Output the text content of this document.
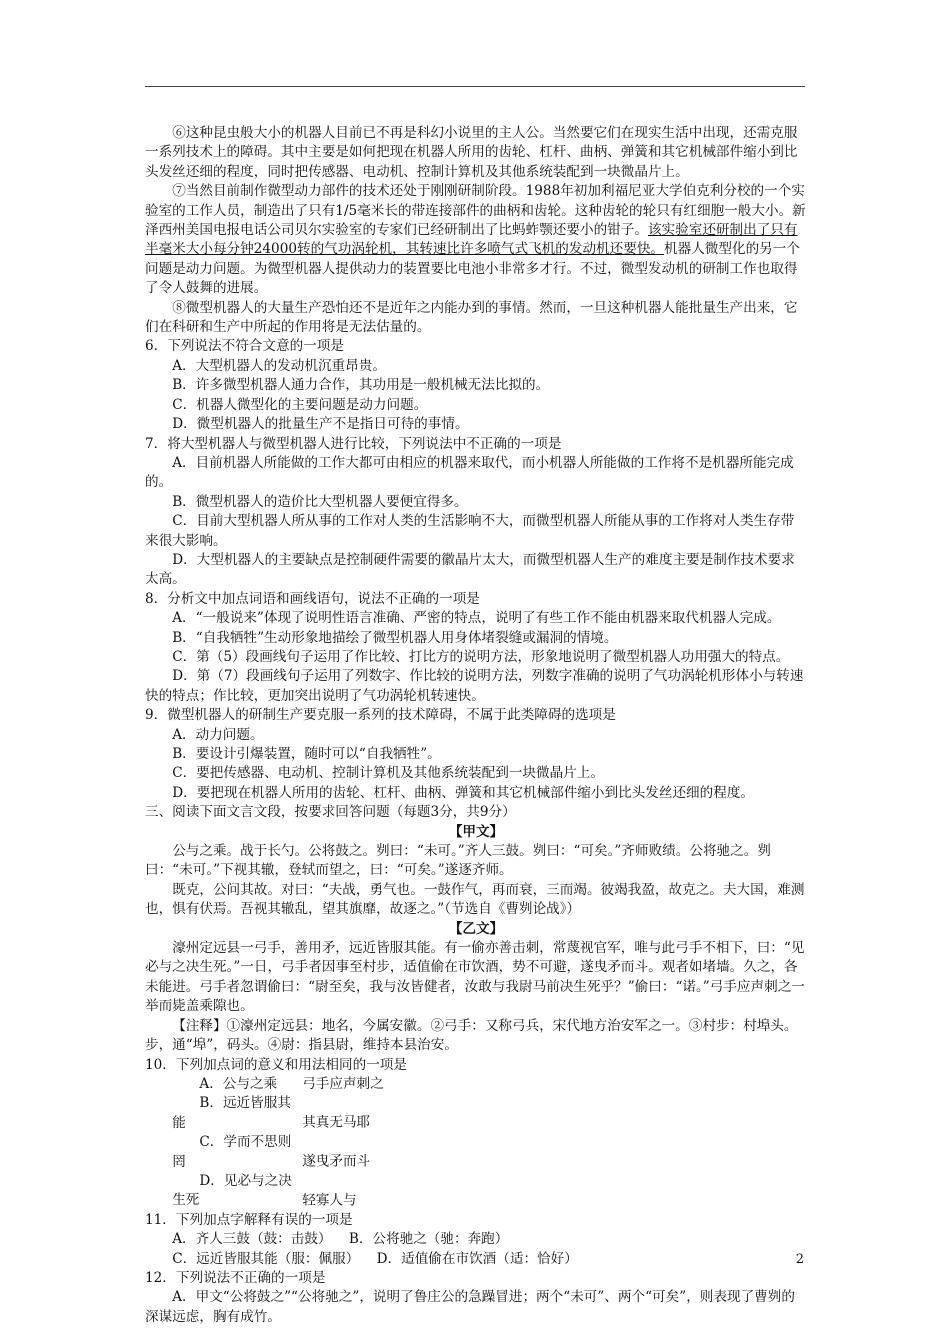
⑥这种昆虫般大小的机器人目前已不再是科幻小说里的主人公。当然要它们在现实生活中出现，还需克服一系列技术上的障碍。其中主要是如何把现在机器人所用的齿轮、杠杆、曲柄、弹簧和其它机械部件缩小到比头发丝还细的程度，同时把传感器、电动机、控制计算机及其他系统装配到一块微晶片上。

⑦当然目前制作微型动力部件的技术还处于刚刚研制阶段。1988年初加利福尼亚大学伯克利分校的一个实验室的工作人员，制造出了只有1/5毫米长的带连接部件的曲柄和齿轮。这种齿轮的轮只有红细胞一般大小。新泽西州美国电报电话公司贝尔实验室的专家们已经研制出了比蚂蚱颚还要小的钳子。该实验室还研制出了只有半毫米大小每分钟24000转的气功涡轮机，其转速比许多喷气式飞机的发动机还要快。机器人微型化的另一个问题是动力问题。为微型机器人提供动力的装置要比电池小非常多才行。不过，微型发动机的研制工作也取得了令人鼓舞的进展。

⑧微型机器人的大量生产恐怕还不是近年之内能办到的事情。然而，一旦这种机器人能批量生产出来，它们在科研和生产中所起的作用将是无法估量的。

6．下列说法不符合文意的一项是

A．大型机器人的发动机沉重昂贵。

B．许多微型机器人通力合作，其功用是一般机械无法比拟的。

C．机器人微型化的主要问题是动力问题。

D．微型机器人的批量生产不是指日可待的事情。

7．将大型机器人与微型机器人进行比较，下列说法中不正确的一项是

A．目前机器人所能做的工作大都可由相应的机器来取代，而小机器人所能做的工作将不是机器所能完成的。

B．微型机器人的造价比大型机器人要便宜得多。

C．目前大型机器人所从事的工作对人类的生活影响不大，而微型机器人所能从事的工作将对人类生存带来很大影响。

D．大型机器人的主要缺点是控制硬件需要的徽晶片太大，而微型机器人生产的难度主要是制作技术要求太高。

8．分析文中加点词语和画线语句，说法不正确的一项是

A．“一般说来”体现了说明性语言准确、严密的特点，说明了有些工作不能由机器来取代机器人完成。

B．“自我牺牲”生动形象地描绘了微型机器人用身体堵裂缝或漏洞的情境。

C．第（5）段画线句子运用了作比较、打比方的说明方法，形象地说明了微型机器人功用强大的特点。

D．第（7）段画线句子运用了列数字、作比较的说明方法，列数字准确的说明了气功涡轮机形体小与转速快的特点；作比较，更加突出说明了气功涡轮机转速快。

9．微型机器人的研制生产要克服一系列的技术障碍，不属于此类障碍的选项是

A．动力问题。

B．要设计引爆装置，随时可以“自我牺牲”。

C．要把传感器、电动机、控制计算机及其他系统装配到一块微晶片上。

D．要把现在机器人所用的齿轮、杠杆、曲柄、弹簧和其它机械部件缩小到比头发丝还细的程度。

三、阅读下面文言文段，按要求回答问题（每题3分，共9分）

【甲文】

公与之乘。战于长勺。公将鼓之。刿曰：“未可。”齐人三鼓。刿曰：“可矣。”齐师败绩。公将驰之。刿曰：“未可。”下视其辙，登轼而望之，曰：“可矣。”遂逐齐师。

既克，公问其故。对曰：“夫战，勇气也。一鼓作气，再而衰，三而竭。彼竭我盈，故克之。夫大国，难测也，惧有伏焉。吾视其辙乱，望其旗靡，故逐之。”（节选自《曹刿论战》）

【乙文】

濠州定远县一弓手，善用矛，远近皆服其能。有一偷亦善击刺，常蔑视官军，唯与此弓手不相下，曰：“见必与之决生死。”一日，弓手者因事至村步，适值偷在市饮酒，势不可避，遂曳矛而斗。观者如堵墙。久之，各未能进。弓手者忽谓偷曰：“尉至矣，我与汝皆健者，汝敢与我尉马前决生死乎？”偷曰：“诺。”弓手应声刺之一举而毙盖乘隙也。

【注释】①濠州定远县：地名，今属安徽。②弓手：又称弓兵，宋代地方治安军之一。③村步：村埠头。步，通“埠”，码头。④尉：指县尉，维持本县治安。

10．下列加点词的意义和用法相同的一项是

A．公与之乘 弓手应声刺之

B．远近皆服其能	其真无马耶

C．学而不思则罔	遂曳矛而斗

D．见必与之决生死	轻寡人与

11．下列加点字解释有误的一项是

A．齐人三鼓（鼓：击鼓） B．公将驰之（驰：奔跑）

C．远近皆服其能（服：佩服） D．适值偷在市饮酒（适：恰好）

12．下列说法不正确的一项是

A．甲文“公将鼓之”“公将驰之”，说明了鲁庄公的急躁冒进；两个“未可”、两个“可矣”，则表现了曹刿的深谋远虑，胸有成竹。

2
